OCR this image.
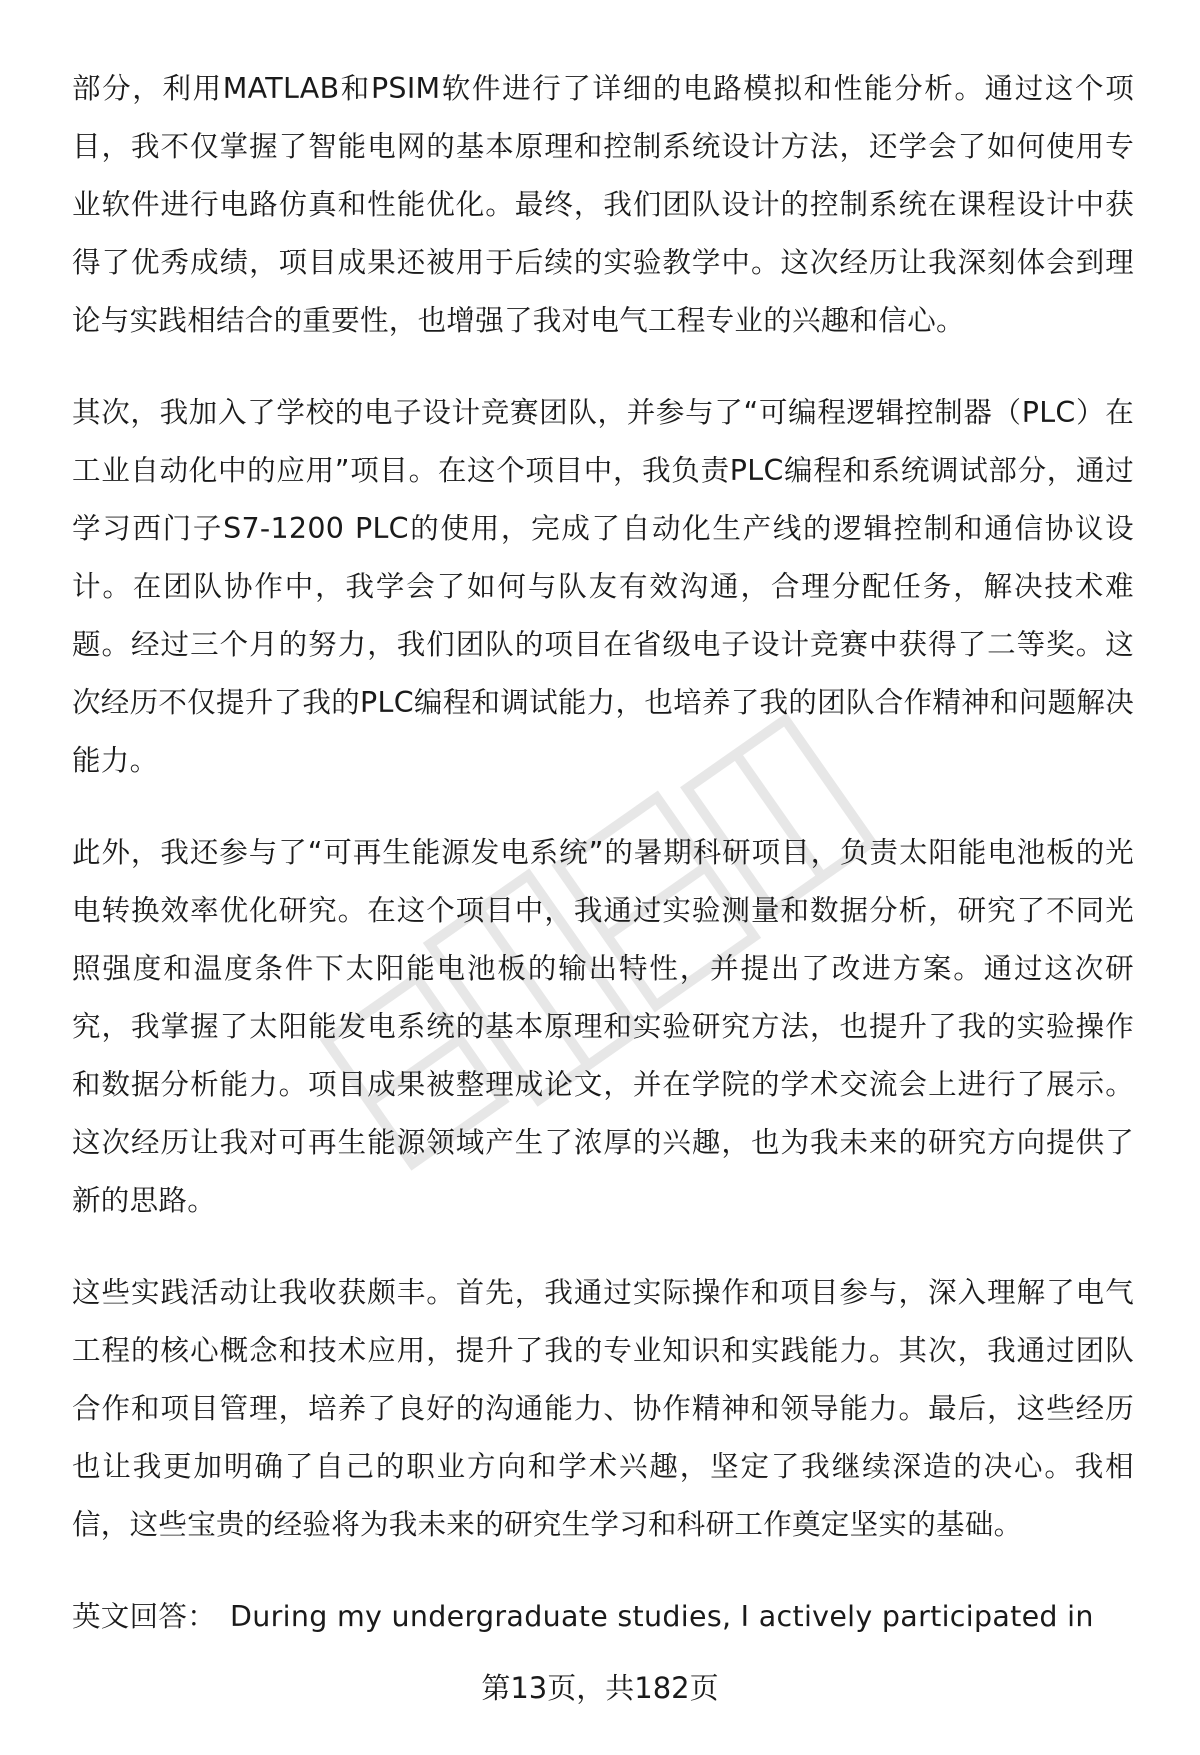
部分，利用MATLAB和PSIM软件进行了详细的电路模拟和性能分析。通过这个项目，我不仅掌握了智能电网的基本原理和控制系统设计方法，还学会了如何使用专业软件进行电路仿真和性能优化。最终，我们团队设计的控制系统在课程设计中获得了优秀成绩，项目成果还被用于后续的实验教学中。这次经历让我深刻体会到理论与实践相结合的重要性，也增强了我对电气工程专业的兴趣和信心。

其次，我加入了学校的电子设计竞赛团队，并参与了“可编程逻辑控制器（PLC）在工业自动化中的应用”项目。在这个项目中，我负责PLC编程和系统调试部分，通过学习西门子S7-1200 PLC的使用，完成了自动化生产线的逻辑控制和通信协议设计。在团队协作中，我学会了如何与队友有效沟通，合理分配任务，解决技术难题。经过三个月的努力，我们团队的项目在省级电子设计竞赛中获得了二等奖。这次经历不仅提升了我的PLC编程和调试能力，也培养了我的团队合作精神和问题解决能力。

此外，我还参与了“可再生能源发电系统”的暑期科研项目，负责太阳能电池板的光电转换效率优化研究。在这个项目中，我通过实验测量和数据分析，研究了不同光照强度和温度条件下太阳能电池板的输出特性，并提出了改进方案。通过这次研究，我掌握了太阳能发电系统的基本原理和实验研究方法，也提升了我的实验操作和数据分析能力。项目成果被整理成论文，并在学院的学术交流会上进行了展示。这次经历让我对可再生能源领域产生了浓厚的兴趣，也为我未来的研究方向提供了新的思路。

这些实践活动让我收获颇丰。首先，我通过实际操作和项目参与，深入理解了电气工程的核心概念和技术应用，提升了我的专业知识和实践能力。其次，我通过团队合作和项目管理，培养了良好的沟通能力、协作精神和领导能力。最后，这些经历也让我更加明确了自己的职业方向和学术兴趣，坚定了我继续深造的决心。我相信，这些宝贵的经验将为我未来的研究生学习和科研工作奠定坚实的基础。

英文回答： During my undergraduate studies, I actively participated in

第13页，共182页
